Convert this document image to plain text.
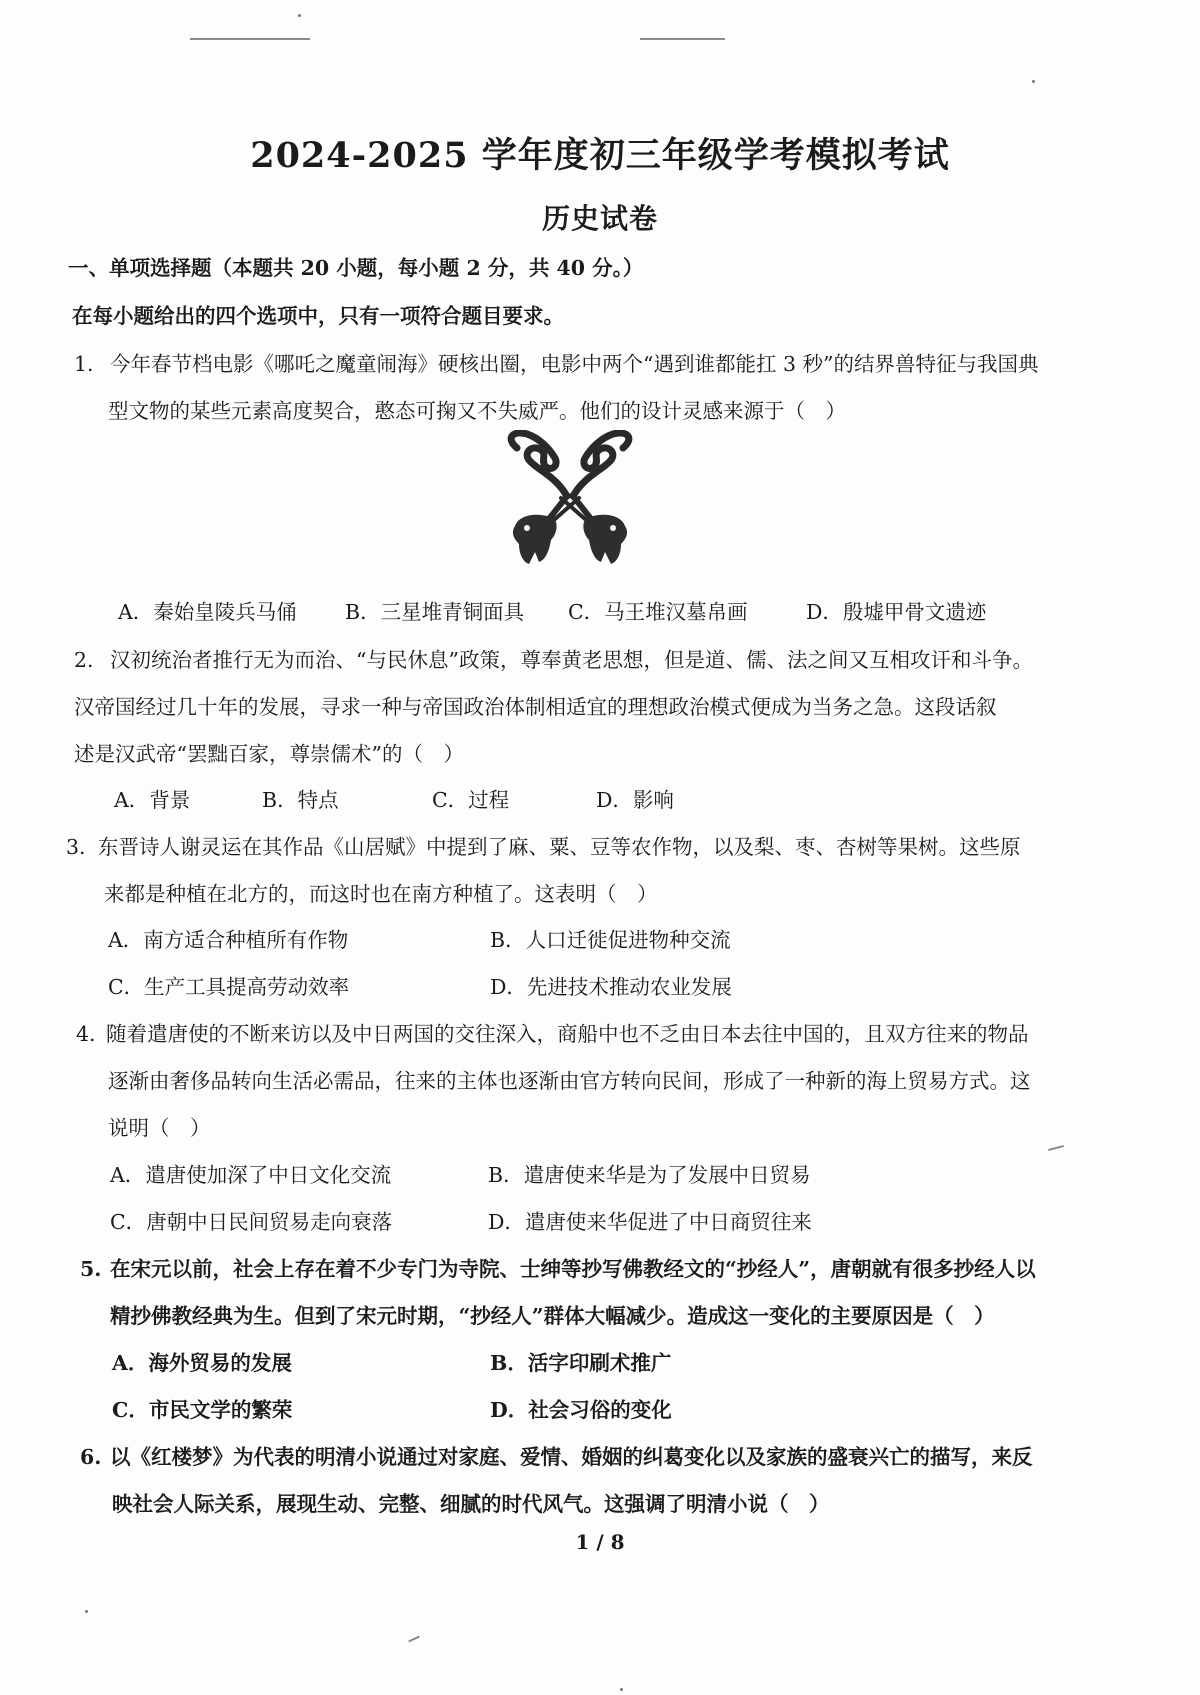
2024-2025 学年度初三年级学考模拟考试
历史试卷
一、单项选择题（本题共 20 小题，每小题 2 分，共 40 分。）
在每小题给出的四个选项中，只有一项符合题目要求。
1. 今年春节档电影《哪吒之魔童闹海》硬核出圈，电影中两个“遇到谁都能扛 3 秒”的结界兽特征与我国典
型文物的某些元素高度契合，憨态可掬又不失威严。他们的设计灵感来源于（　）
A．秦始皇陵兵马俑 B．三星堆青铜面具 C．马王堆汉墓帛画	D．殷墟甲骨文遗迹
2. 汉初统治者推行无为而治、“与民休息”政策，尊奉黄老思想，但是道、儒、法之间又互相攻讦和斗争。
汉帝国经过几十年的发展，寻求一种与帝国政治体制相适宜的理想政治模式便成为当务之急。这段话叙
述是汉武帝“罢黜百家，尊崇儒术”的（　）
A．背景	B．特点	C．过程	D．影响
3. 东晋诗人谢灵运在其作品《山居赋》中提到了麻、粟、豆等农作物，以及梨、枣、杏树等果树。这些原
来都是种植在北方的，而这时也在南方种植了。这表明（　）
A．南方适合种植所有作物	B．人口迁徙促进物种交流
C．生产工具提高劳动效率	D．先进技术推动农业发展
4. 随着遣唐使的不断来访以及中日两国的交往深入，商船中也不乏由日本去往中国的，且双方往来的物品
逐渐由奢侈品转向生活必需品，往来的主体也逐渐由官方转向民间，形成了一种新的海上贸易方式。这
说明（　）
A．遣唐使加深了中日文化交流	B．遣唐使来华是为了发展中日贸易
C．唐朝中日民间贸易走向衰落	D．遣唐使来华促进了中日商贸往来
5. 在宋元以前，社会上存在着不少专门为寺院、士绅等抄写佛教经文的“抄经人”，唐朝就有很多抄经人以
精抄佛教经典为生。但到了宋元时期，“抄经人”群体大幅减少。造成这一变化的主要原因是（　）
A．海外贸易的发展	B．活字印刷术推广
C．市民文学的繁荣	D．社会习俗的变化
6. 以《红楼梦》为代表的明清小说通过对家庭、爱情、婚姻的纠葛变化以及家族的盛衰兴亡的描写，来反
映社会人际关系，展现生动、完整、细腻的时代风气。这强调了明清小说（　）
1 / 8
